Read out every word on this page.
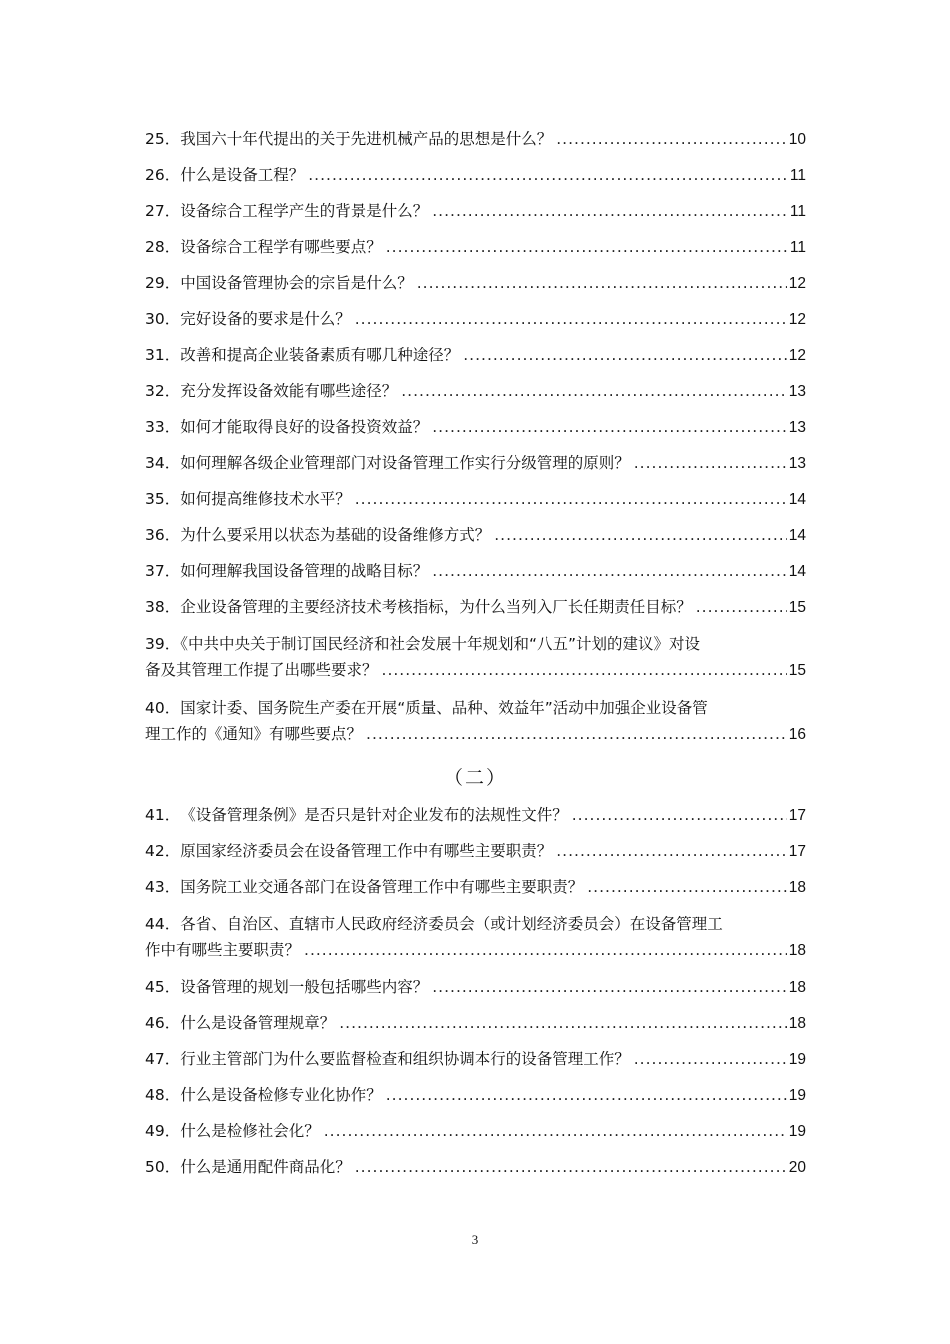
25． 我国六十年代提出的关于先进机械产品的思想是什么？ .....	10
26． 什么是设备工程？ .....	11
27． 设备综合工程学产生的背景是什么？ .....	11
28． 设备综合工程学有哪些要点？ .....	11
29． 中国设备管理协会的宗旨是什么？ .....	12
30． 完好设备的要求是什么？ .....	12
31． 改善和提高企业装备素质有哪几种途径？ .....	12
32． 充分发挥设备效能有哪些途径？ .....	13
33． 如何才能取得良好的设备投资效益？ .....	13
34． 如何理解各级企业管理部门对设备管理工作实行分级管理的原则？ .....	13
35． 如何提高维修技术水平？ .....	14
36． 为什么要采用以状态为基础的设备维修方式？ .....	14
37． 如何理解我国设备管理的战略目标？ .....	14
38． 企业设备管理的主要经济技术考核指标，为什么当列入厂长任期责任目标？ .....	15
39．《中共中央关于制订国民经济和社会发展十年规划和“八五”计划的建议》对设
备及其管理工作提了出哪些要求？ .....	15
40．国家计委、国务院生产委在开展“质量、品种、效益年”活动中加强企业设备管
理工作的《通知》有哪些要点？ .....	16
（二）
41． 《设备管理条例》是否只是针对企业发布的法规性文件？ .....	17
42． 原国家经济委员会在设备管理工作中有哪些主要职责？ .....	17
43． 国务院工业交通各部门在设备管理工作中有哪些主要职责？ .....	18
44．各省、自治区、直辖市人民政府经济委员会（或计划经济委员会）在设备管理工
作中有哪些主要职责？ .....	18
45． 设备管理的规划一般包括哪些内容？ .....	18
46． 什么是设备管理规章？ .....	18
47． 行业主管部门为什么要监督检查和组织协调本行的设备管理工作？ .....	19
48． 什么是设备检修专业化协作？ .....	19
49． 什么是检修社会化？ .....	19
50． 什么是通用配件商品化？ .....	20
3
